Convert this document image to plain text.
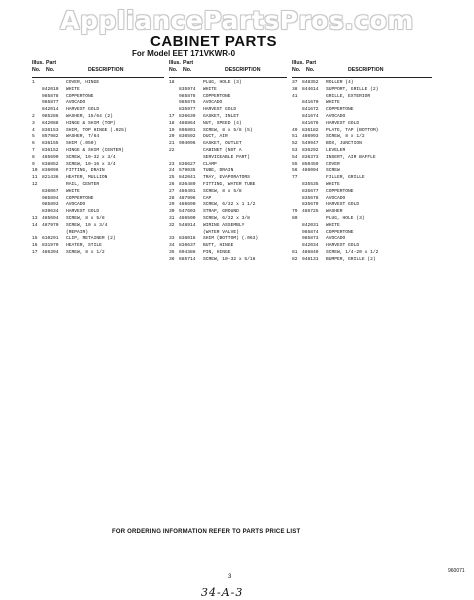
AppliancePartsPros.com
CABINET PARTS
For Model EET 171VKWR-0
Illus.
No.
Part
No.	DESCRIPTION
1	COVER, HINGE
842010 WHITE
985878 COPPERTONE
985877 AVOCADO
842014 HARVEST GOLD
2 985286 WASHER, 15/64 (2)
3 842088 HINGE & SHIM (TOP)
4 836153 SHIM, TOP HINGE (.025)
5 857982 WASHER, 7/64
6 836155 SHIM (.050)
7 836152 HINGE & SHIM (CENTER)
8 485690 SCREW, 10-32 x 3/4
9 838852 SCREW, 10-16 x 3/4
10 836096 FITTING, DRAIN
11 821436 HEATER, MULLION
12	RAIL, CENTER
836067 WHITE
985894 COPPERTONE
985893 AVOCADO
839634 HARVEST GOLD
13 485694 SCREW, 8 x 5/8
14 487970 SCREW, 10 x 3/4
(REPAIR)
15 610291 CLIP, RETAINER (2)
16 831970 HEATER, STILE
17 486394 SCREW, 8 x 1/2
Illus.
No.
Part
No.	DESCRIPTION
18	PLUG, HOLE (3)
835974 WHITE
985876 COPPERTONE
985875 AVOCADO
835977 HARVEST GOLD
17 836639 GASKET, INLET
18 486864 NUT, SPEED (4)
19 696801 SCREW, 8 x 5/8 (5)
20 836592 DUCT, AIR
21 904096 GASKET, OUTLET
22	CABINET (NOT A
SERVICEABLE PART)
23 836627 CLAMP
24 579035 TUBE, DRAIN
25 842041 TRAY, EVAPORATORS
26 836489 FITTING, WATER TUBE
27 486401 SCREW, 8 x 5/8
28 487996 CAP
29 486690 SCREW, 6/32 x 1 1/2
30 547603 STRAP, GROUND
31 486500 SCREW, 6/32 x 3/8
32 548914 WIRING ASSEMBLY
(WATER VALVE)
33 836016 SHIM (BOTTOM) (.063)
34 836637 BUTT, HINGE
35 694386 PIN, HINGE
36 685714 SCREW, 10-32 x 5/16
Illus.
No.
Part
No.	DESCRIPTION
37 848352 ROLLER (4)
38 844614 SUPPORT, GRILLE (2)
41	GRILLE, EXTERIOR
841670 WHITE
841672 COPPERTONE
841674 AVOCADO
841676 HARVEST GOLD
49 836182 PLATE, TAP (BOTTOM)
51 486993 SCREW, 8 x 1/2
52 549947 BOX, JUNCTION
53 836292 LEVELER
54 836373 INSERT, AIR BAFFLE
55 850459 COVER
56 486004 SCREW
77	FILLER, GRILLE
835535 WHITE
835677 COPPERTONE
835678 AVOCADO
835679 HARVEST GOLD
79 486725 WASHER
80	PLUG, HOLE (3)
842031 WHITE
985874 COPPERTONE
985873 AVOCADO
842034 HARVEST GOLD
81 486849 SCREW, 1/4-20 x 1/2
82 948131 BUMPER, GRILLE (2)
FOR ORDERING INFORMATION REFER TO PARTS PRICE LIST
3
960071
34-A-3
